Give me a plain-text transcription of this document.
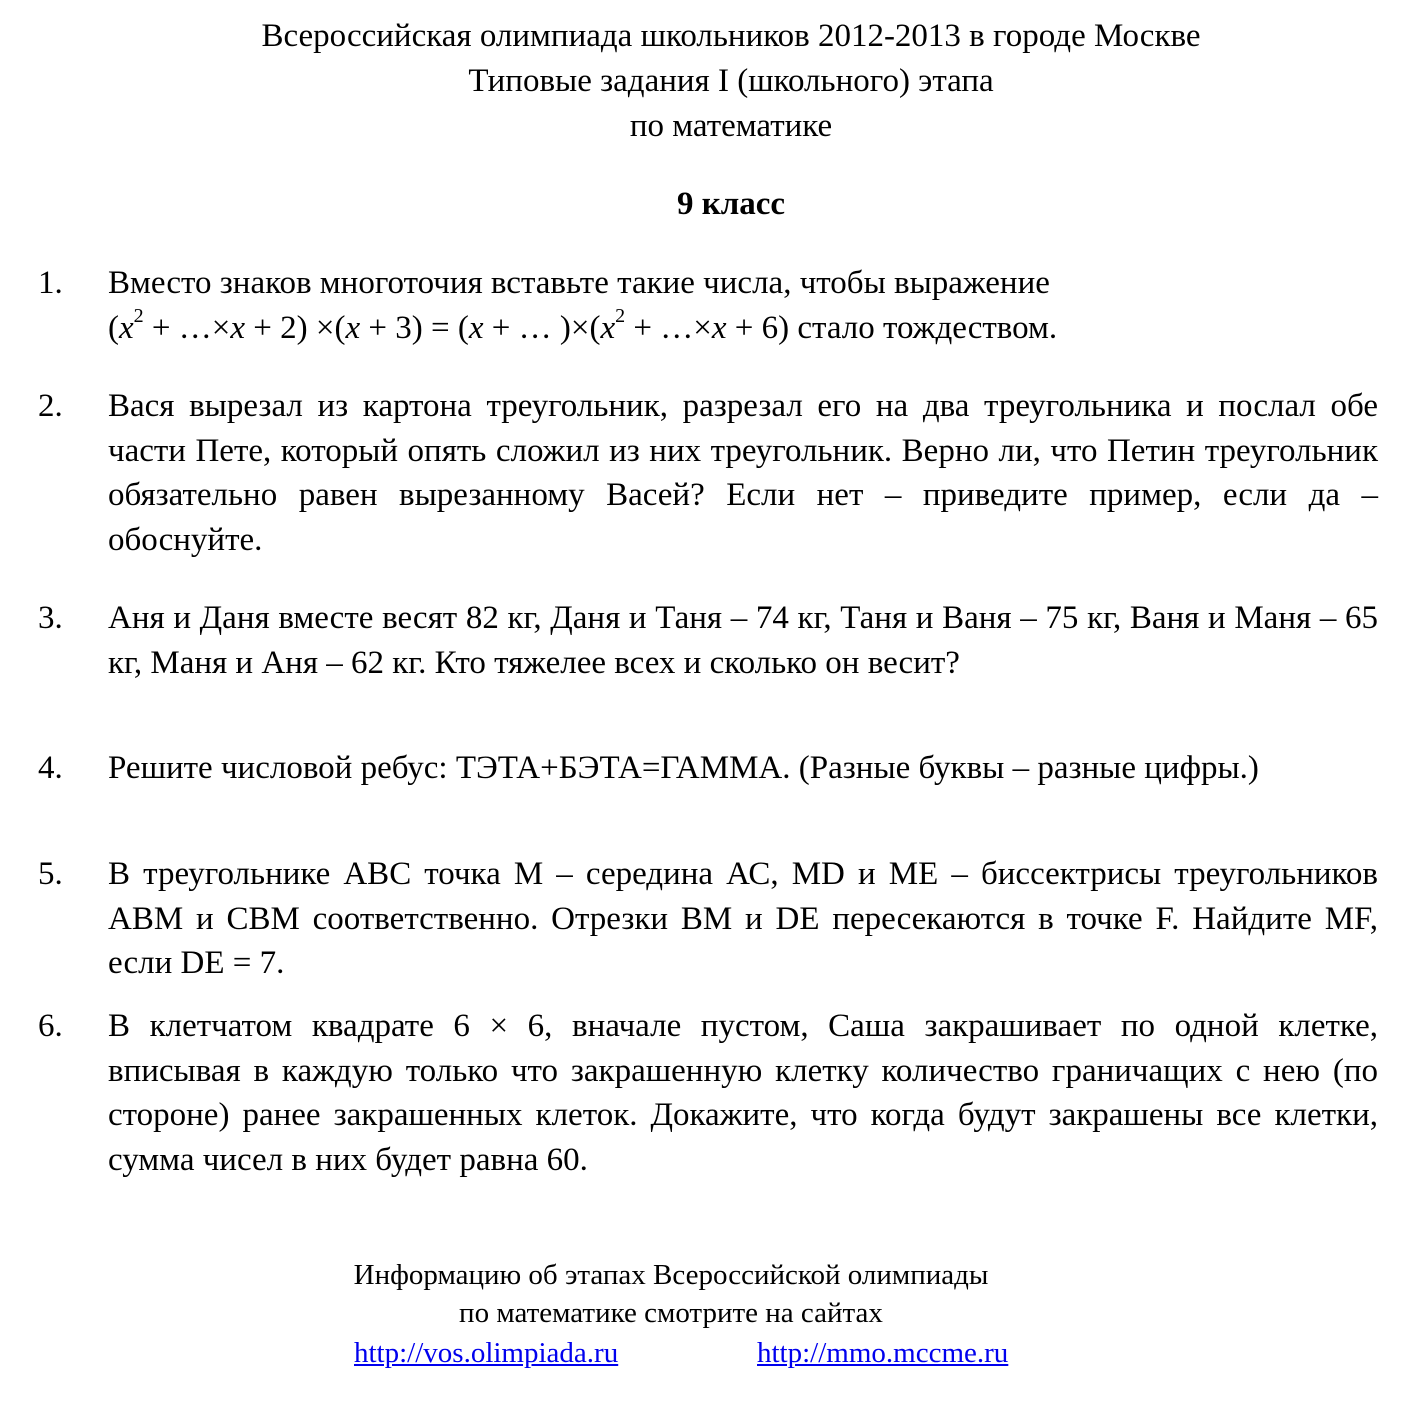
Всероссийская олимпиада школьников 2012-2013 в городе Москве
Типовые задания I (школьного) этапа
по математике
9 класс
1. Вместо знаков многоточия вставьте такие числа, чтобы выражение
($x^2$ + …×x + 2) ×(x + 3) = (x + … )$\times(x^2$ + …×x + 6) стало тождеством.
2. Вася вырезал из картона треугольник, разрезал его на два треугольника и послал обе части Пете, который опять сложил из них треугольник. Верно ли, что Петин треугольник обязательно равен вырезанному Васей? Если нет – приведите пример, если да – обоснуйте.
3. Аня и Даня вместе весят 82 кг, Даня и Таня – 74 кг, Таня и Ваня – 75 кг, Ваня и Маня – 65 кг, Маня и Аня – 62 кг. Кто тяжелее всех и сколько он весит?
4. Решите числовой ребус: ТЭТА+БЭТА=ГАММА. (Разные буквы – разные цифры.)
5. В треугольнике АВС точка М – середина АС, MD и ME – биссектрисы треугольников АВМ и СВМ соответственно. Отрезки ВМ и DE пересекаются в точке F. Найдите MF, если DE = 7.
6. В клетчатом квадрате 6 × 6, вначале пустом, Саша закрашивает по одной клетке, вписывая в каждую только что закрашенную клетку количество граничащих с нею (по стороне) ранее закрашенных клеток. Докажите, что когда будут закрашены все клетки, сумма чисел в них будет равна 60.
Информацию об этапах Всероссийской олимпиады
по математике смотрите на сайтах
http://vos.olimpiada.ru	http://mmo.mccme.ru
